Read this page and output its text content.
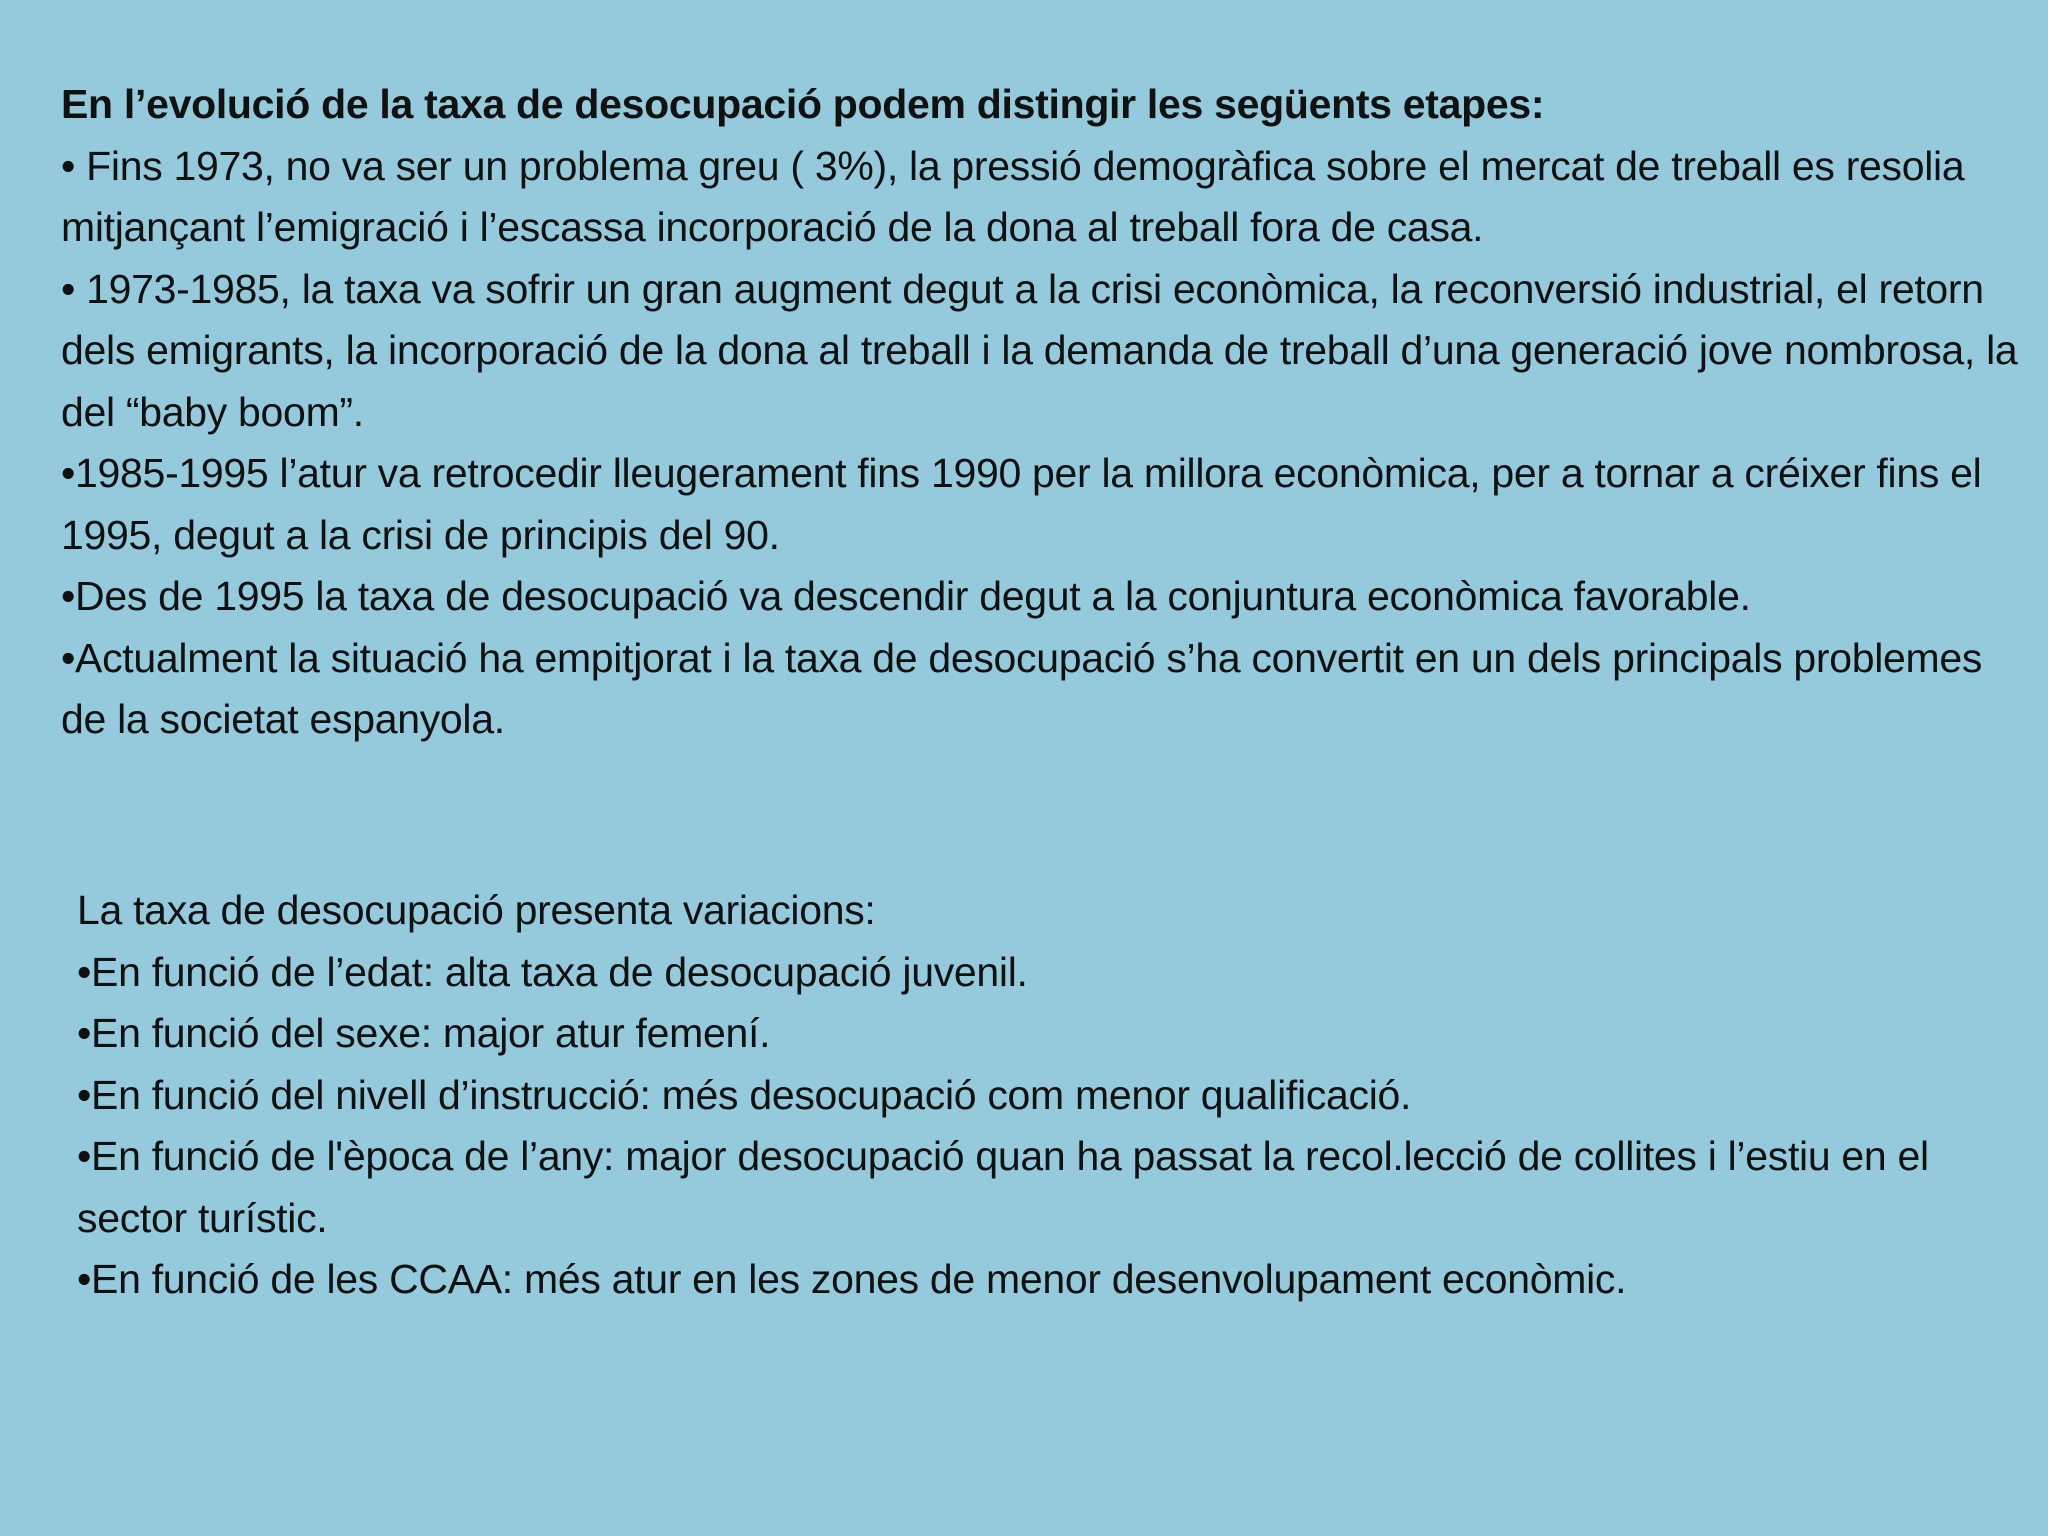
En l’evolució de la taxa de desocupació podem distingir les següents etapes:

• Fins 1973, no va ser un problema greu ( 3%), la pressió demogràfica sobre el mercat de treball es resolia mitjançant l’emigració i l’escassa incorporació de la dona al treball fora de casa.

• 1973-1985, la taxa va sofrir un gran augment degut a la crisi econòmica, la reconversió industrial, el retorn dels emigrants, la incorporació de la dona al treball i la demanda de treball d’una generació jove nombrosa, la del “baby boom”.

•1985-1995 l’atur va retrocedir lleugerament fins 1990 per la millora econòmica, per a tornar a créixer fins el 1995, degut a la crisi de principis del 90.

•Des de 1995 la taxa de desocupació va descendir degut a la conjuntura econòmica favorable.

•Actualment la situació ha empitjorat i la taxa de desocupació s’ha convertit en un dels principals problemes de la societat espanyola.

La taxa de desocupació presenta variacions:

•En funció de l’edat: alta taxa de desocupació juvenil.

•En funció del sexe: major atur femení.

•En funció del nivell d’instrucció: més desocupació com menor qualificació.

•En funció de l'època de l’any: major desocupació quan ha passat la recol.lecció de collites i l’estiu en el sector turístic.

•En funció de les CCAA: més atur en les zones de menor desenvolupament econòmic.
